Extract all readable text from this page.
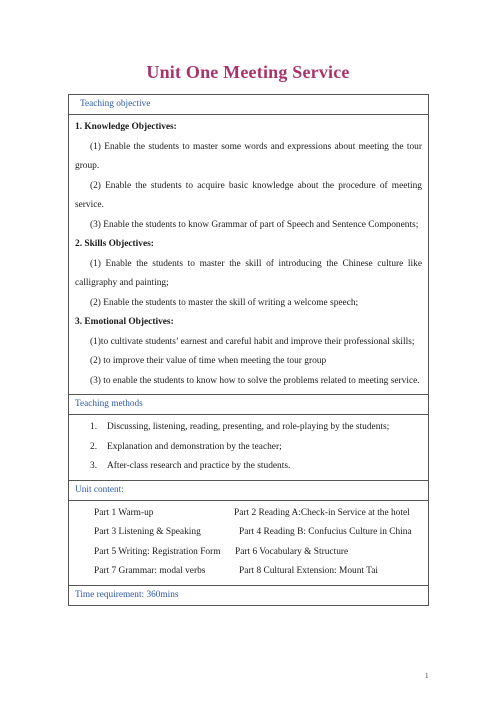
Unit One Meeting Service
Teaching objective
1. Knowledge Objectives:
(1) Enable the students to master some words and expressions about meeting the tour group.
(2) Enable the students to acquire basic knowledge about the procedure of meeting service.
(3) Enable the students to know Grammar of part of Speech and Sentence Components;
2. Skills Objectives:
(1) Enable the students to master the skill of introducing the Chinese culture like calligraphy and painting;
(2) Enable the students to master the skill of writing a welcome speech;
3. Emotional Objectives:
(1)to cultivate students’ earnest and careful habit and improve their professional skills;
(2) to improve their value of time when meeting the tour group
(3) to enable the students to know how to solve the problems related to meeting service.
Teaching methods
1. Discussing, listening, reading, presenting, and role-playing by the students;
2. Explanation and demonstration by the teacher;
3. After-class research and practice by the students.
Unit content:
Part 1 Warm-up	Part 2 Reading A:Check-in Service at the hotel
Part 3 Listening & Speaking	Part 4 Reading B: Confucius Culture in China
Part 5 Writing: Registration Form Part 6 Vocabulary & Structure
Part 7 Grammar: modal verbs	Part 8 Cultural Extension: Mount Tai
Time requirement: 360mins
1
